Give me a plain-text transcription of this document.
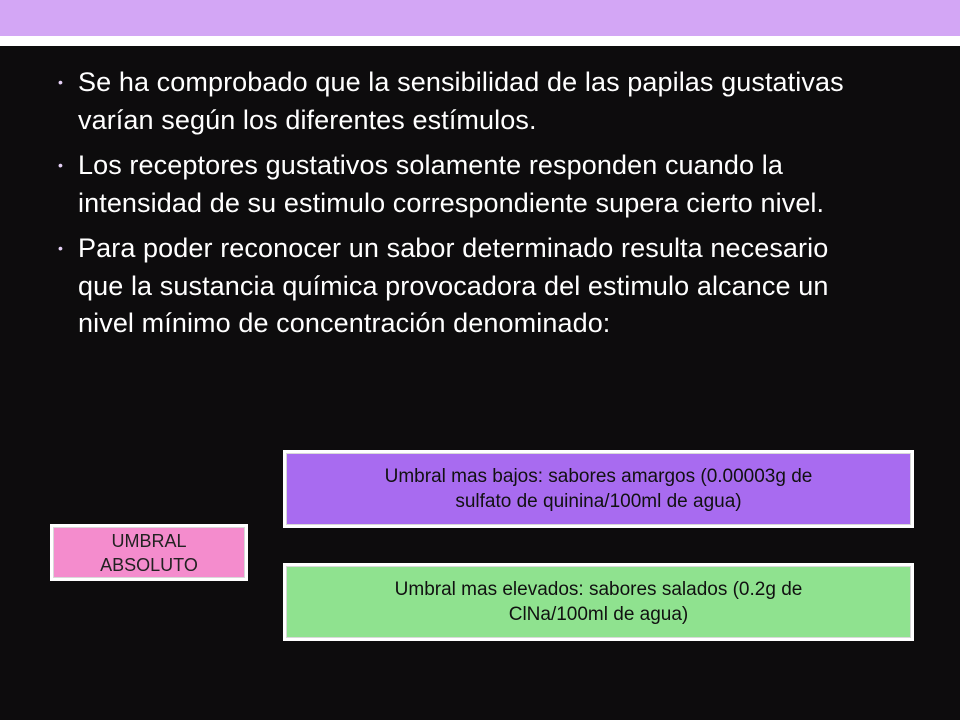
• Se ha comprobado que la sensibilidad de las papilas gustativas varían según los diferentes estímulos.
• Los receptores gustativos solamente responden cuando la intensidad de su estimulo correspondiente supera cierto nivel.
• Para poder reconocer un sabor determinado resulta necesario que la sustancia química provocadora del estimulo alcance un nivel mínimo de concentración denominado:
UMBRAL
ABSOLUTO
Umbral mas bajos: sabores amargos (0.00003g de
sulfato de quinina/100ml de agua)
Umbral mas elevados: sabores salados (0.2g de
ClNa/100ml de agua)
